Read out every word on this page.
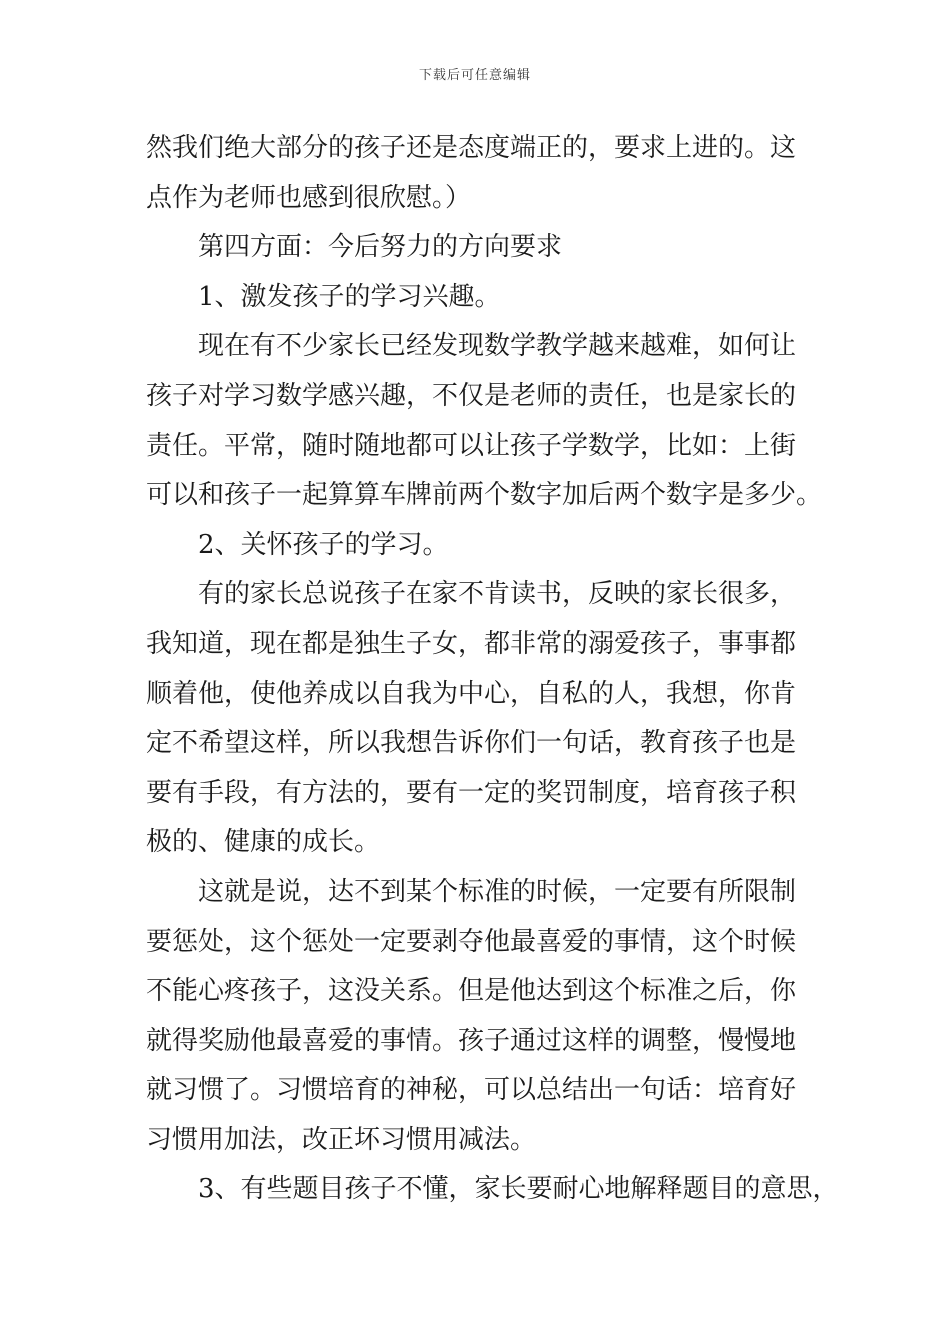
下载后可任意编辑
然我们绝大部分的孩子还是态度端正的，要求上进的。这
点作为老师也感到很欣慰。）
第四方面：今后努力的方向要求
1、激发孩子的学习兴趣。
现在有不少家长已经发现数学教学越来越难，如何让
孩子对学习数学感兴趣，不仅是老师的责任，也是家长的
责任。平常，随时随地都可以让孩子学数学，比如：上街
可以和孩子一起算算车牌前两个数字加后两个数字是多少。
2、关怀孩子的学习。
有的家长总说孩子在家不肯读书，反映的家长很多，
我知道，现在都是独生子女，都非常的溺爱孩子，事事都
顺着他，使他养成以自我为中心，自私的人，我想，你肯
定不希望这样，所以我想告诉你们一句话，教育孩子也是
要有手段，有方法的，要有一定的奖罚制度，培育孩子积
极的、健康的成长。
这就是说，达不到某个标准的时候，一定要有所限制
要惩处，这个惩处一定要剥夺他最喜爱的事情，这个时候
不能心疼孩子，这没关系。但是他达到这个标准之后，你
就得奖励他最喜爱的事情。孩子通过这样的调整，慢慢地
就习惯了。习惯培育的神秘，可以总结出一句话：培育好
习惯用加法，改正坏习惯用减法。
3、有些题目孩子不懂，家长要耐心地解释题目的意思，
